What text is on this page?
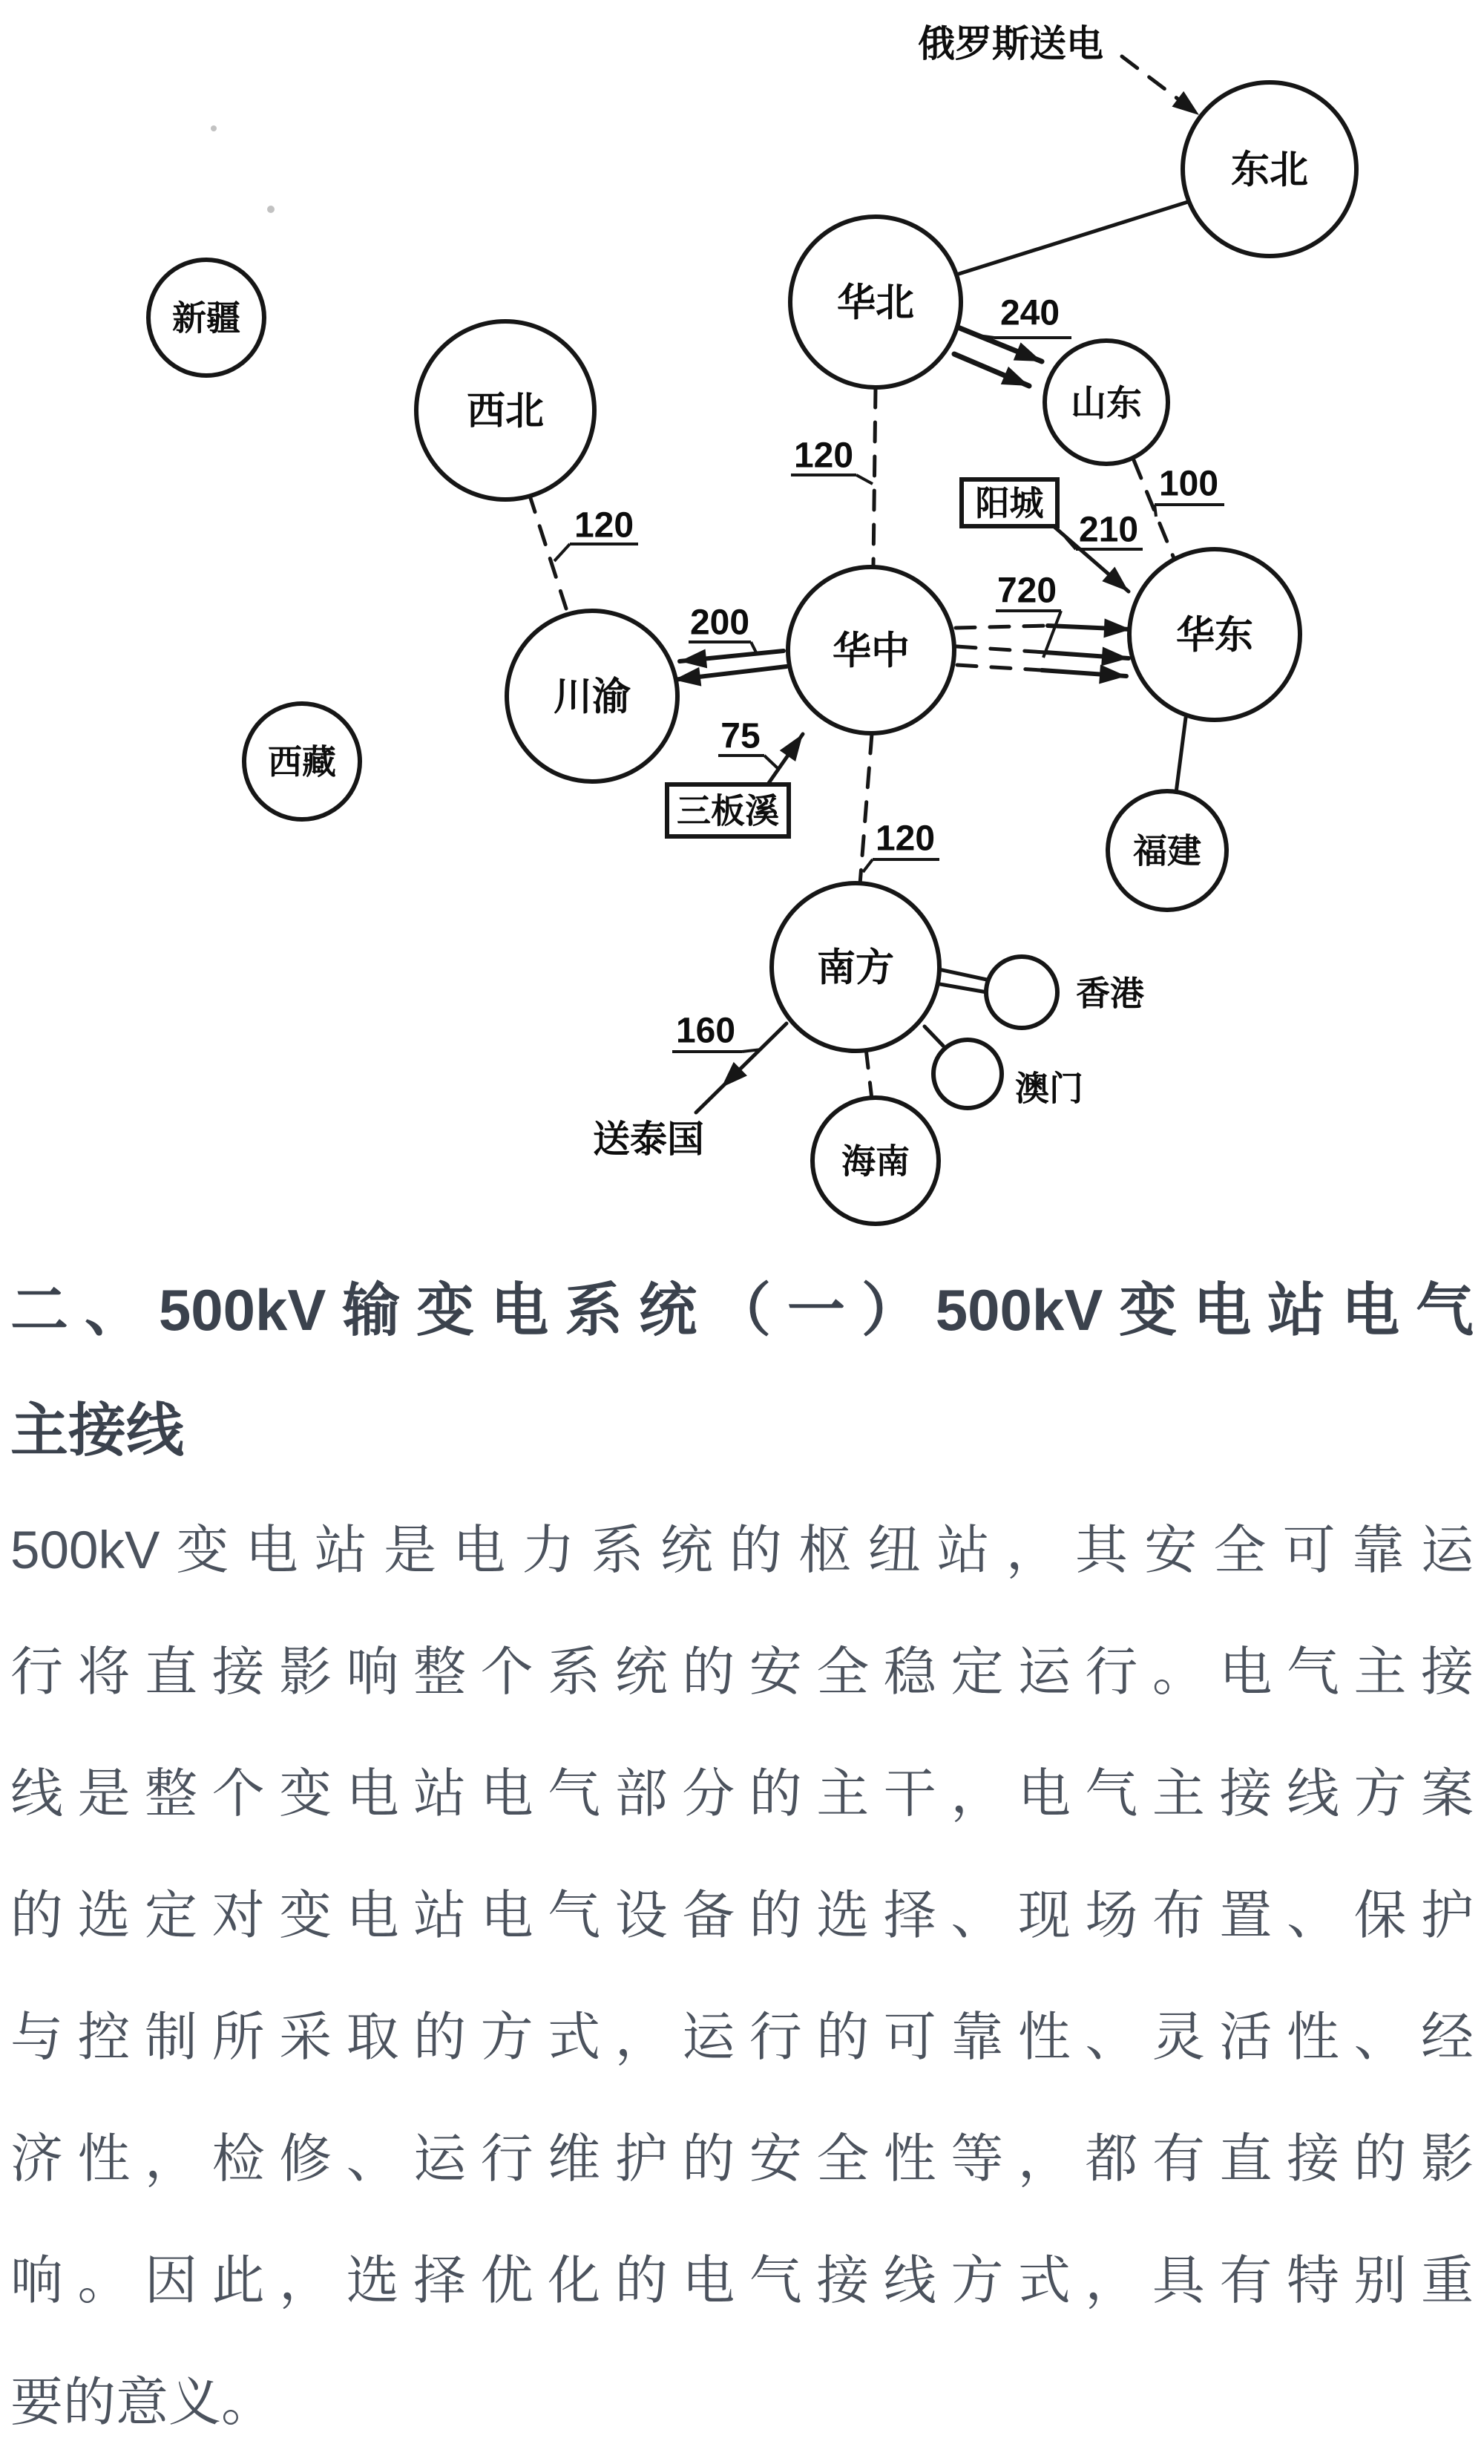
新疆
西北
东北
华北
山东
华中	华东
川渝
西藏
福建
南方
海南
阳城
三板溪
俄罗斯送电
香港
澳门
送泰国
240
120
120
100
210
720
200
75
120
160
二、500kV输变电系统（一）500kV变电站电气
主接线

500kV变电站是电力系统的枢纽站，其安全可靠运

行将直接影响整个系统的安全稳定运行。电气主接

线是整个变电站电气部分的主干，电气主接线方案

的选定对变电站电气设备的选择、现场布置、保护

与控制所采取的方式，运行的可靠性、灵活性、经

济性，检修、运行维护的安全性等，都有直接的影

响。因此，选择优化的电气接线方式，具有特别重

要的意义。
